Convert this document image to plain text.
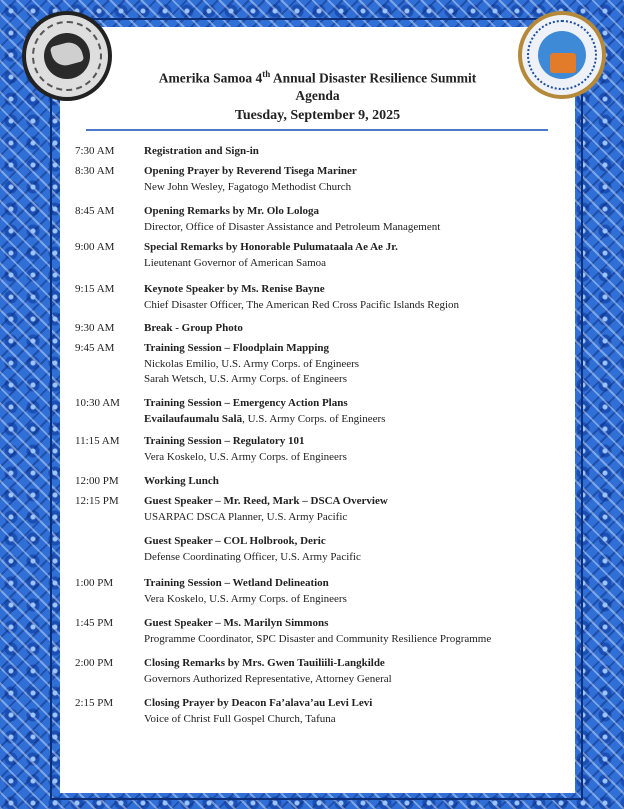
Amerika Samoa 4th Annual Disaster Resilience Summit
Agenda
Tuesday, September 9, 2025
7:30 AM	Registration and Sign-in
8:30 AM	Opening Prayer by Reverend Tisega Mariner
New John Wesley, Fagatogo Methodist Church
8:45 AM	Opening Remarks by Mr. Olo Lologa
Director, Office of Disaster Assistance and Petroleum Management
9:00 AM	Special Remarks by Honorable Pulumataala Ae Ae Jr.
Lieutenant Governor of American Samoa
9:15 AM	Keynote Speaker by Ms. Renise Bayne
Chief Disaster Officer, The American Red Cross Pacific Islands Region
9:30 AM	Break - Group Photo
9:45 AM	Training Session – Floodplain Mapping
Nickolas Emilio, U.S. Army Corps. of Engineers
Sarah Wetsch, U.S. Army Corps. of Engineers
10:30 AM	Training Session – Emergency Action Plans
Evailaufaumalu Salā, U.S. Army Corps. of Engineers
11:15 AM	Training Session – Regulatory 101
Vera Koskelo, U.S. Army Corps. of Engineers
12:00 PM	Working Lunch
12:15 PM	Guest Speaker – Mr. Reed, Mark – DSCA Overview
USARPAC DSCA Planner, U.S. Army Pacific
Guest Speaker – COL Holbrook, Deric
Defense Coordinating Officer, U.S. Army Pacific
1:00 PM	Training Session – Wetland Delineation
Vera Koskelo, U.S. Army Corps. of Engineers
1:45 PM	Guest Speaker – Ms. Marilyn Simmons
Programme Coordinator, SPC Disaster and Community Resilience Programme
2:00 PM	Closing Remarks by Mrs. Gwen Tauiliili-Langkilde
Governors Authorized Representative, Attorney General
2:15 PM	Closing Prayer by Deacon Fa’alava’au Levi Levi
Voice of Christ Full Gospel Church, Tafuna
